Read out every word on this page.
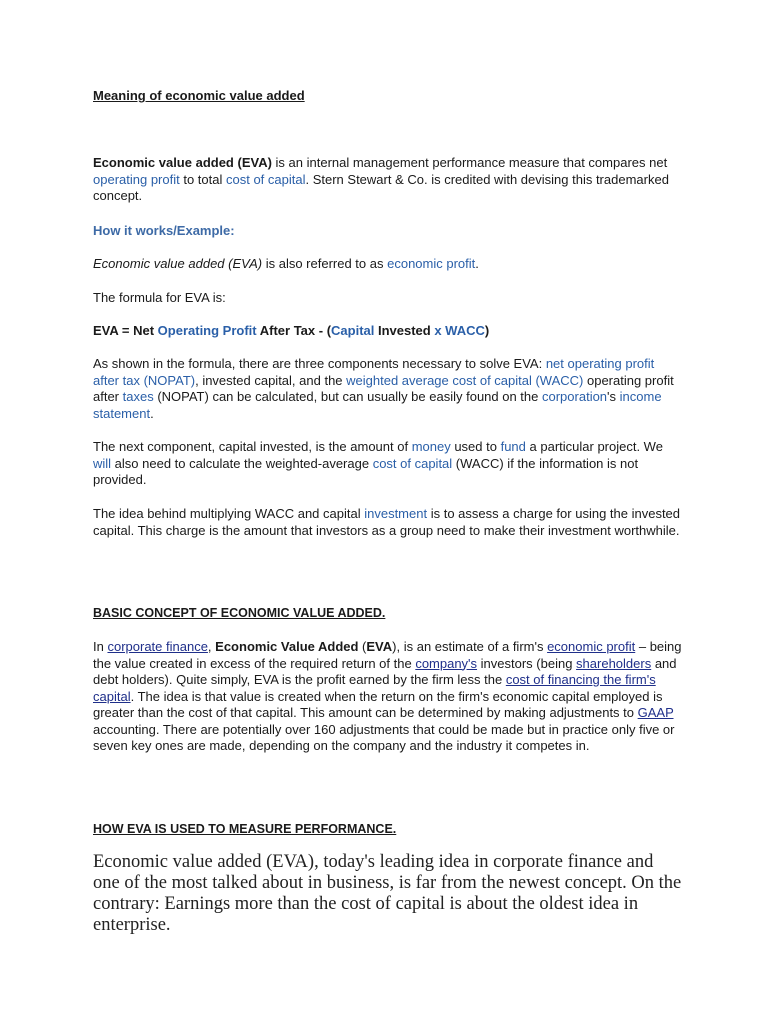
Meaning of economic value added

Economic value added (EVA) is an internal management performance measure that compares net operating profit to total cost of capital. Stern Stewart & Co. is credited with devising this trademarked concept.

How it works/Example:

Economic value added (EVA) is also referred to as economic profit.

The formula for EVA is:

EVA = Net Operating Profit After Tax - (Capital Invested x WACC)

As shown in the formula, there are three components necessary to solve EVA: net operating profit after tax (NOPAT), invested capital, and the weighted average cost of capital (WACC) operating profit after taxes (NOPAT) can be calculated, but can usually be easily found on the corporation's income statement.

The next component, capital invested, is the amount of money used to fund a particular project. We will also need to calculate the weighted-average cost of capital (WACC) if the information is not provided.

The idea behind multiplying WACC and capital investment is to assess a charge for using the invested capital. This charge is the amount that investors as a group need to make their investment worthwhile.

BASIC CONCEPT OF ECONOMIC VALUE ADDED.

In corporate finance, Economic Value Added (EVA), is an estimate of a firm's economic profit – being the value created in excess of the required return of the company's investors (being shareholders and debt holders). Quite simply, EVA is the profit earned by the firm less the cost of financing the firm's capital. The idea is that value is created when the return on the firm's economic capital employed is greater than the cost of that capital. This amount can be determined by making adjustments to GAAP accounting. There are potentially over 160 adjustments that could be made but in practice only five or seven key ones are made, depending on the company and the industry it competes in.

HOW EVA IS USED TO MEASURE PERFORMANCE.

Economic value added (EVA), today's leading idea in corporate finance and one of the most talked about in business, is far from the newest concept. On the contrary: Earnings more than the cost of capital is about the oldest idea in enterprise.
